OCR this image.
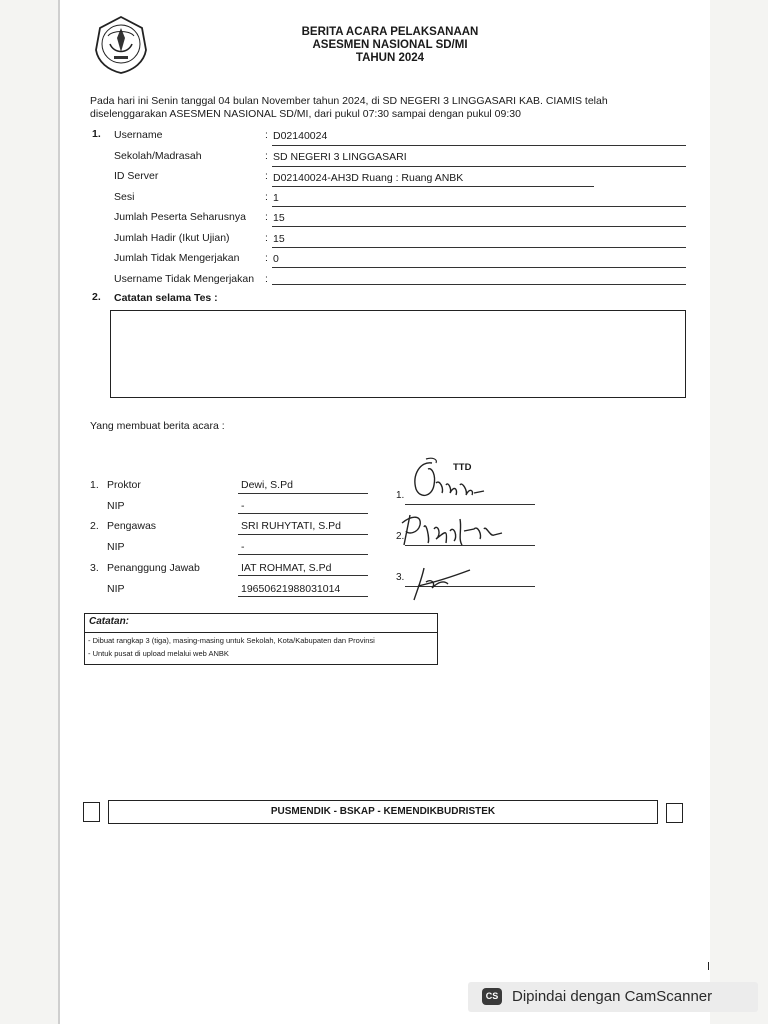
BERITA ACARA PELAKSANAAN
ASESMEN NASIONAL SD/MI
TAHUN 2024
Pada hari ini Senin tanggal 04 bulan November tahun 2024, di SD NEGERI 3 LINGGASARI KAB. CIAMIS telah
diselenggarakan ASESMEN NASIONAL SD/MI, dari pukul 07:30 sampai dengan pukul 09:30
1. Username	: D02140024
Sekolah/Madrasah	: SD NEGERI 3 LINGGASARI
ID Server	: D02140024-AH3D Ruang : Ruang ANBK
Sesi	: 1
Jumlah Peserta Seharusnya	: 15
Jumlah Hadir (Ikut Ujian)	: 15
Jumlah Tidak Mengerjakan	: 0
Username Tidak Mengerjakan	:
2. Catatan selama Tes :
Yang membuat berita acara :
TTD
1. Proktor	Dewi, S.Pd
NIP	-
2. Pengawas	SRI RUHYTATI, S.Pd
NIP	-
3. Penanggung Jawab	IAT ROHMAT, S.Pd
NIP	19650621988031014
1.
2.
3.
Catatan:
- Dibuat rangkap 3 (tiga), masing-masing untuk Sekolah, Kota/Kabupaten dan Provinsi
- Untuk pusat di upload melalui web ANBK
PUSMENDIK - BSKAP - KEMENDIKBUDRISTEK
CS Dipindai dengan CamScanner
